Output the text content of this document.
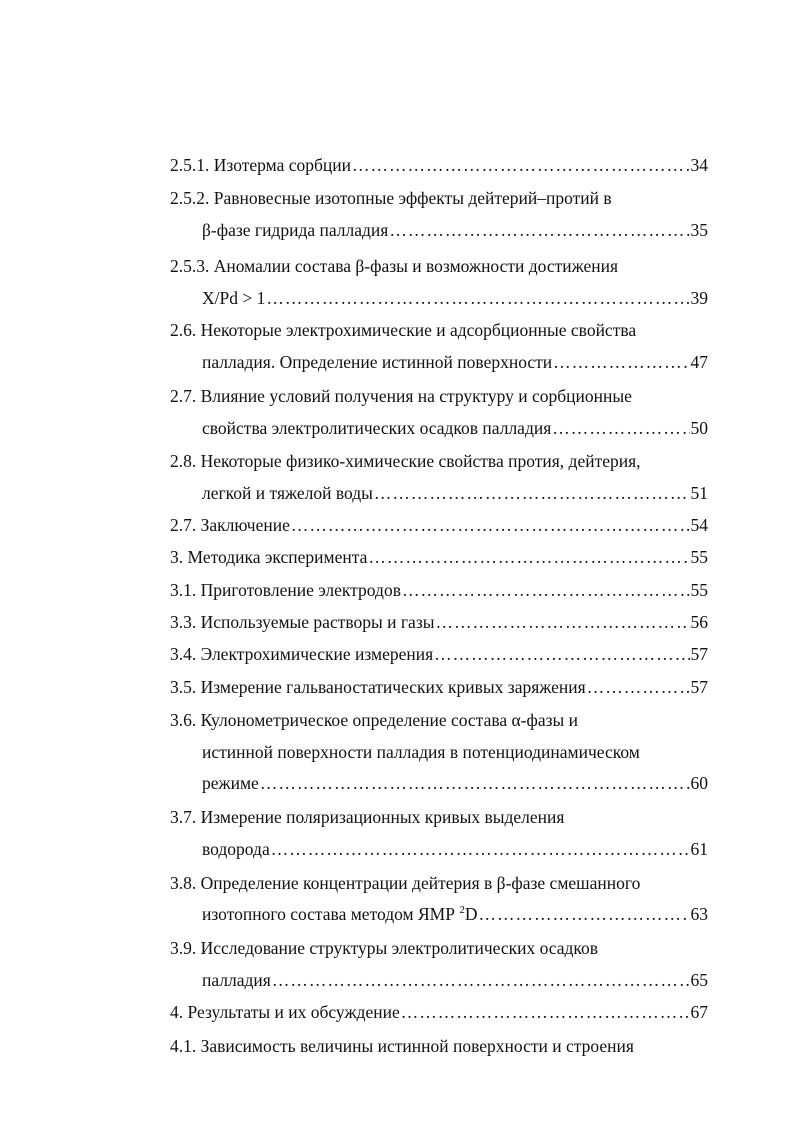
2.5.1. Изотерма сорбции …………………………………………………………………………………………………………………………………………	34
2.5.2. Равновесные изотопные эффекты дейтерий–протий в
β-фазе гидрида палладия …………………………………………………………………………………………………………………………………………	35
2.5.3. Аномалии состава β-фазы и возможности достижения
X/Pd > 1 …………………………………………………………………………………………………………………………………………	39
2.6. Некоторые электрохимические и адсорбционные свойства
палладия. Определение истинной поверхности …………………………………………………………………………………………………………………………………………	47
2.7. Влияние условий получения на структуру и сорбционные
свойства электролитических осадков палладия …………………………………………………………………………………………………………………………………………	50
2.8. Некоторые физико-химические свойства протия, дейтерия,
легкой и тяжелой воды …………………………………………………………………………………………………………………………………………	51
2.7. Заключение …………………………………………………………………………………………………………………………………………	54
3. Методика эксперимента …………………………………………………………………………………………………………………………………………	55
3.1. Приготовление электродов …………………………………………………………………………………………………………………………………………	55
3.3. Используемые растворы и газы …………………………………………………………………………………………………………………………………………	56
3.4. Электрохимические измерения …………………………………………………………………………………………………………………………………………	57
3.5. Измерение гальваностатических кривых заряжения …………………………………………………………………………………………………………………………………………	57
3.6. Кулонометрическое определение состава α-фазы и
истинной поверхности палладия в потенциодинамическом
режиме …………………………………………………………………………………………………………………………………………	60
3.7. Измерение поляризационных кривых выделения
водорода …………………………………………………………………………………………………………………………………………	61
3.8. Определение концентрации дейтерия в β-фазе смешанного
изотопного состава методом ЯМР $^2$D …………………………………………………………………………………………………………………………………………	63
3.9. Исследование структуры электролитических осадков
палладия …………………………………………………………………………………………………………………………………………	65
4. Результаты и их обсуждение …………………………………………………………………………………………………………………………………………	67
4.1. Зависимость величины истинной поверхности и строения
